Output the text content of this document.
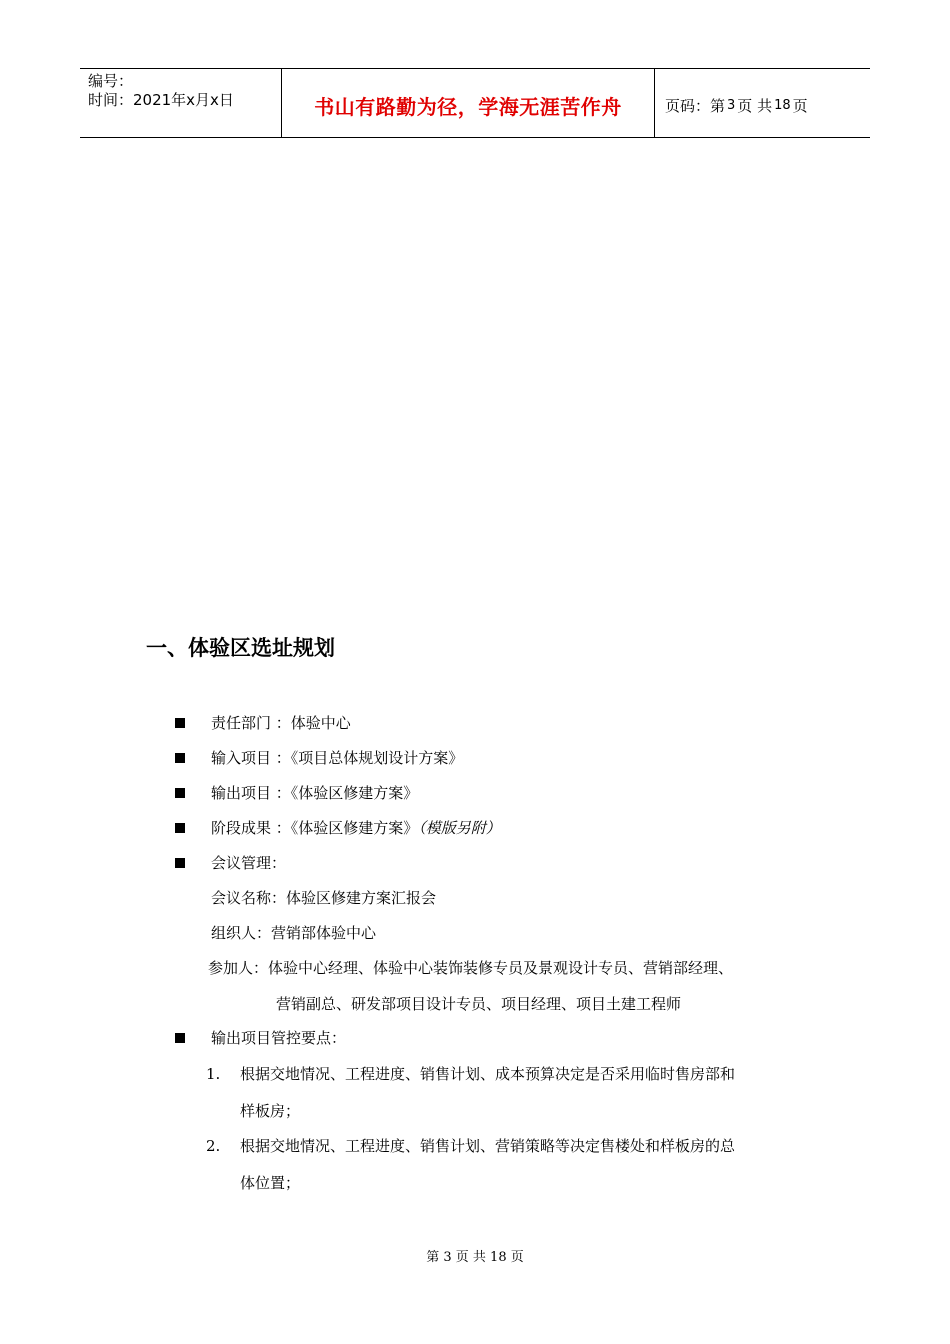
编号：
时间：2021年x月x日	书山有路勤为径，学海无涯苦作舟	页码：第 3 页 共 18 页
一、体验区选址规划
责任部门 ：体验中心
输入项目 ：《项目总体规划设计方案》
输出项目 ：《体验区修建方案》
阶段成果 ：《体验区修建方案》（模版另附）
会议管理：
会议名称：体验区修建方案汇报会
组织人：营销部体验中心
参加人：体验中心经理、体验中心装饰装修专员及景观设计专员、营销部经理、
营销副总、研发部项目设计专员、项目经理、项目土建工程师
输出项目管控要点：
1. 根据交地情况、工程进度、销售计划、成本预算决定是否采用临时售房部和
样板房；
2. 根据交地情况、工程进度、销售计划、营销策略等决定售楼处和样板房的总
体位置；
第 3 页 共 18 页
